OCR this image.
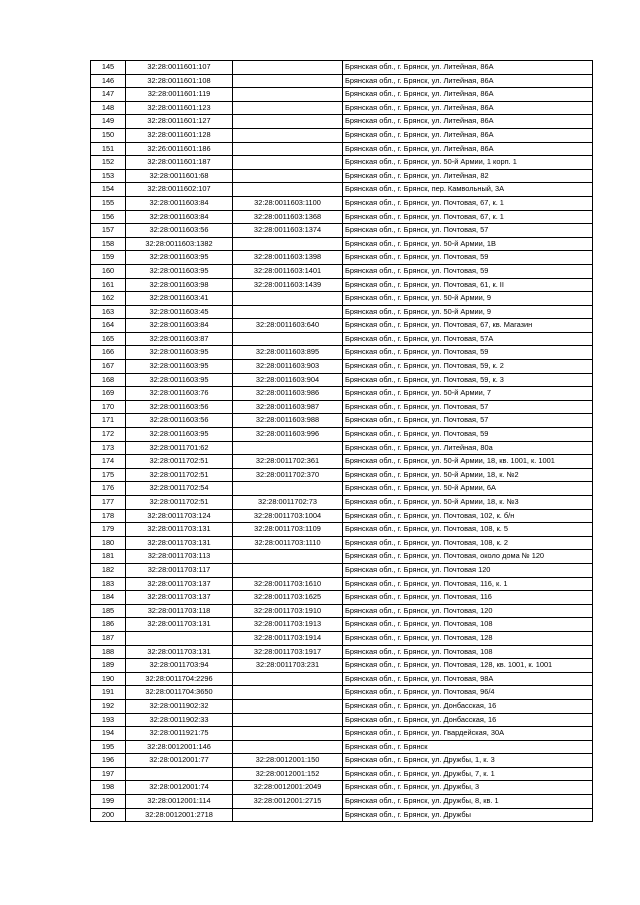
145	32:28:0011601:107		Брянская обл., г. Брянск, ул. Литейная, 86А
146	32:28:0011601:108		Брянская обл., г. Брянск, ул. Литейная, 86А
147	32:28:0011601:119		Брянская обл., г. Брянск, ул. Литейная, 86А
148	32:28:0011601:123		Брянская обл., г. Брянск, ул. Литейная, 86А
149	32:28:0011601:127		Брянская обл., г. Брянск, ул. Литейная, 86А
150	32:28:0011601:128		Брянская обл., г. Брянск, ул. Литейная, 86А
151	32:26:0011601:186		Брянская обл., г. Брянск, ул. Литейная, 86А
152	32:28:0011601:187		Брянская обл., г. Брянск, ул. 50-й Армии, 1 корп. 1
153	32:28:0011601:68		Брянская обл., г. Брянск, ул. Литейная, 82
154	32:28:0011602:107		Брянская обл., г. Брянск, пер. Камвольный, 3А
155	32:28:0011603:84	32:28:0011603:1100	Брянская обл., г. Брянск, ул. Почтовая, 67, к. 1
156	32:28:0011603:84	32:28:0011603:1368	Брянская обл., г. Брянск, ул. Почтовая, 67, к. 1
157	32:28:0011603:56	32:28:0011603:1374	Брянская обл., г. Брянск, ул. Почтовая, 57
158	32:28:0011603:1382		Брянская обл., г. Брянск, ул. 50-й Армии, 1В
159	32:28:0011603:95	32:28:0011603:1398	Брянская обл., г. Брянск, ул. Почтовая, 59
160	32:28:0011603:95	32:28:0011603:1401	Брянская обл., г. Брянск, ул. Почтовая, 59
161	32:28:0011603:98	32:28:0011603:1439	Брянская обл., г. Брянск, ул. Почтовая, 61, к. II
162	32:28:0011603:41		Брянская обл., г. Брянск, ул. 50-й Армии, 9
163	32:28:0011603:45		Брянская обл., г. Брянск, ул. 50-й Армии, 9
164	32:28:0011603:84	32:28:0011603:640	Брянская обл., г. Брянск, ул. Почтовая, 67, кв. Магазин
165	32:28:0011603:87		Брянская обл., г. Брянск, ул. Почтовая, 57А
166	32:28:0011603:95	32:28:0011603:895	Брянская обл., г. Брянск, ул. Почтовая, 59
167	32:28:0011603:95	32:28:0011603:903	Брянская обл., г. Брянск, ул. Почтовая, 59, к. 2
168	32:28:0011603:95	32:28:0011603:904	Брянская обл., г. Брянск, ул. Почтовая, 59, к. 3
169	32:28:0011603:76	32:28:0011603:986	Брянская обл., г. Брянск, ул. 50-й Армии, 7
170	32:28:0011603:56	32:28:0011603:987	Брянская обл., г. Брянск, ул. Почтовая, 57
171	32:28:0011603:56	32:28:0011603:988	Брянская обл., г. Брянск, ул. Почтовая, 57
172	32:28:0011603:95	32:28:0011603:996	Брянская обл., г. Брянск, ул. Почтовая, 59
173	32:28:0011701:62		Брянская обл., г. Брянск, ул. Литейная, 80а
174	32:28:0011702:51	32:28:0011702:361	Брянская обл., г. Брянск, ул. 50-й Армии, 18, кв. 1001, к. 1001
175	32:28:0011702:51	32:28:0011702:370	Брянская обл., г. Брянск, ул. 50-й Армии, 18, к. №2
176	32:28:0011702:54		Брянская обл., г. Брянск, ул. 50-й Армии, 6А
177	32:28:0011702:51	32:28:0011702:73	Брянская обл., г. Брянск, ул. 50-й Армии, 18, к. №3
178	32:28:0011703:124	32:28:0011703:1004	Брянская обл., г. Брянск, ул. Почтовая, 102, к. б/н
179	32:28:0011703:131	32:28:0011703:1109	Брянская обл., г. Брянск, ул. Почтовая, 108, к. 5
180	32:28:0011703:131	32:28:0011703:1110	Брянская обл., г. Брянск, ул. Почтовая, 108, к. 2
181	32:28:0011703:113		Брянская обл., г. Брянск, ул. Почтовая, около дома № 120
182	32:28:0011703:117		Брянская обл., г. Брянск, ул. Почтовая 120
183	32:28:0011703:137	32:28:0011703:1610	Брянская обл., г. Брянск, ул. Почтовая, 116, к. 1
184	32:28:0011703:137	32:28:0011703:1625	Брянская обл., г. Брянск, ул. Почтовая, 116
185	32:28:0011703:118	32:28:0011703:1910	Брянская обл., г. Брянск, ул. Почтовая, 120
186	32:28:0011703:131	32:28:0011703:1913	Брянская обл., г. Брянск, ул. Почтовая, 108
187		32:28:0011703:1914	Брянская обл., г. Брянск, ул. Почтовая, 128
188	32:28:0011703:131	32:28:0011703:1917	Брянская обл., г. Брянск, ул. Почтовая, 108
189	32:28:0011703:94	32:28:0011703:231	Брянская обл., г. Брянск, ул. Почтовая, 128, кв. 1001, к. 1001
190	32:28:0011704:2296		Брянская обл., г. Брянск, ул. Почтовая, 98А
191	32:28:0011704:3650		Брянская обл., г. Брянск, ул. Почтовая, 96/4
192	32:28:0011902:32		Брянская обл., г. Брянск, ул. Донбасская, 16
193	32:28:0011902:33		Брянская обл., г. Брянск, ул. Донбасская, 16
194	32:28:0011921:75		Брянская обл., г. Брянск, ул. Гвардейская, 30А
195	32:28:0012001:146		Брянская обл., г. Брянск
196	32:28:0012001:77	32:28:0012001:150	Брянская обл., г. Брянск, ул. Дружбы, 1, к. 3
197		32:28:0012001:152	Брянская обл., г. Брянск, ул. Дружбы, 7, к. 1
198	32:28:0012001:74	32:28:0012001:2049	Брянская обл., г. Брянск, ул. Дружбы, 3
199	32:28:0012001:114	32:28:0012001:2715	Брянская обл., г. Брянск, ул. Дружбы, 8, кв. 1
200	32:28:0012001:2718		Брянская обл., г. Брянск, ул. Дружбы
